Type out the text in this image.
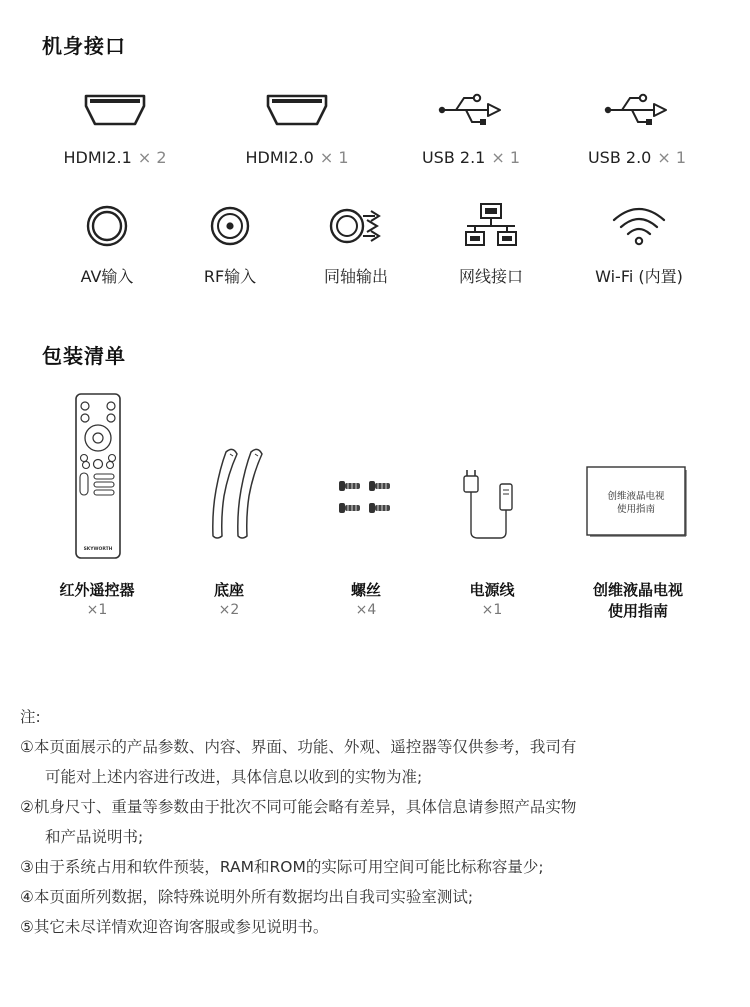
机身接口
HDMI2.1 × 2	HDMI2.0 × 1	USB 2.1 × 1	USB 2.0 × 1
AV输入	RF输入	同轴输出	网线接口	Wi-Fi (内置)
包装清单
SKYWORTH
创维液晶电视
使用指南
红外遥控器
×1
底座
×2
螺丝
×4
电源线
×1
创维液晶电视
使用指南
注:
①本页面展示的产品参数、内容、界面、功能、外观、遥控器等仅供参考，我司有
可能对上述内容进行改进，具体信息以收到的实物为准;
②机身尺寸、重量等参数由于批次不同可能会略有差异，具体信息请参照产品实物
和产品说明书;
③由于系统占用和软件预装，RAM和ROM的实际可用空间可能比标称容量少;
④本页面所列数据，除特殊说明外所有数据均出自我司实验室测试;
⑤其它未尽详情欢迎咨询客服或参见说明书。
